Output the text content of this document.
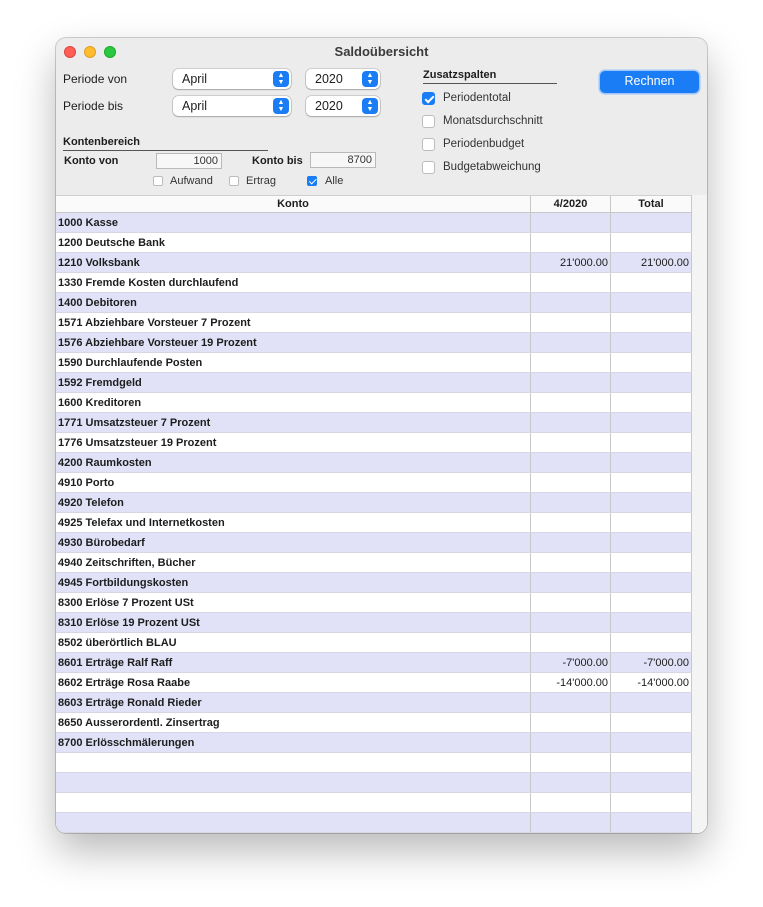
Saldoübersicht
Periode von	April	▲
▼	2020	▲
▼
Periode bis	April	▲
▼	2020	▲
▼
Kontenbereich
Konto von	1000	Konto bis	8700
Aufwand	Ertrag	Alle
Zusatzspalten
Periodentotal
Monatsdurchschnitt
Periodenbudget
Budgetabweichung
Rechnen
Konto	4/2020	Total
1000 Kasse
1200 Deutsche Bank
1210 Volksbank	21'000.00	21'000.00
1330 Fremde Kosten durchlaufend
1400 Debitoren
1571 Abziehbare Vorsteuer 7 Prozent
1576 Abziehbare Vorsteuer 19 Prozent
1590 Durchlaufende Posten
1592 Fremdgeld
1600 Kreditoren
1771 Umsatzsteuer 7 Prozent
1776 Umsatzsteuer 19 Prozent
4200 Raumkosten
4910 Porto
4920 Telefon
4925 Telefax und Internetkosten
4930 Bürobedarf
4940 Zeitschriften, Bücher
4945 Fortbildungskosten
8300 Erlöse 7 Prozent USt
8310 Erlöse 19 Prozent USt
8502 überörtlich BLAU
8601 Erträge Ralf Raff	-7'000.00	-7'000.00
8602 Erträge Rosa Raabe	-14'000.00	-14'000.00
8603 Erträge Ronald Rieder
8650 Ausserordentl. Zinsertrag
8700 Erlösschmälerungen
